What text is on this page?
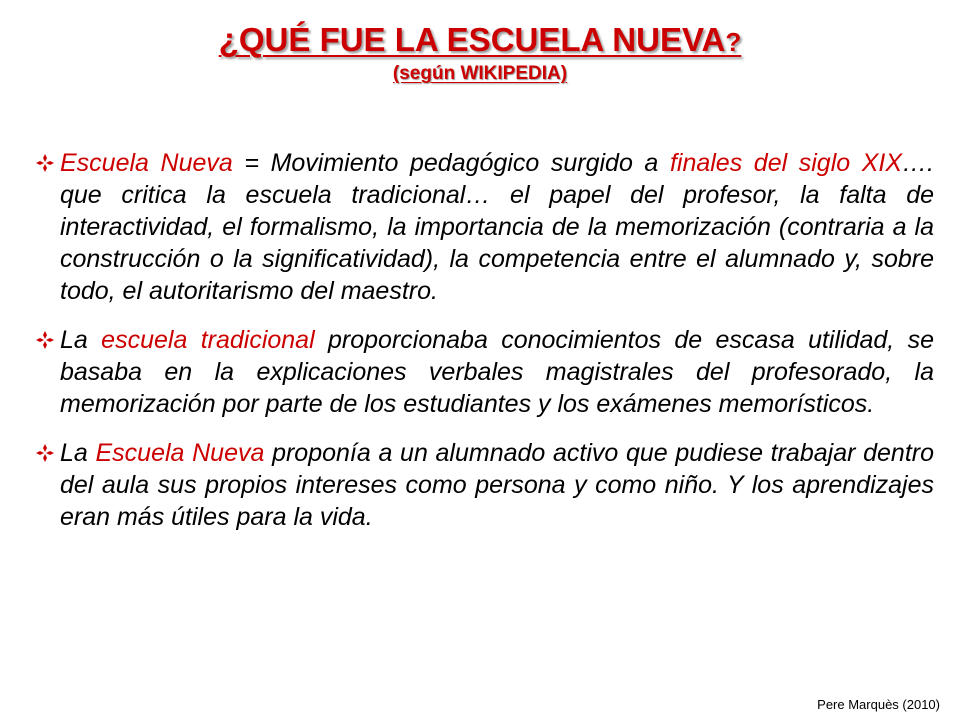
¿QUÉ FUE LA ESCUELA NUEVA?
(según WIKIPEDIA)
Escuela Nueva = Movimiento pedagógico surgido a finales del siglo XIX…. que critica la escuela tradicional… el papel del profesor, la falta de interactividad, el formalismo, la importancia de la memorización (contraria a la construcción o la significatividad), la competencia entre el alumnado y, sobre todo, el autoritarismo del maestro.
La escuela tradicional proporcionaba conocimientos de escasa utilidad, se basaba en la explicaciones verbales magistrales del profesorado, la memorización por parte de los estudiantes y los exámenes memorísticos.
La Escuela Nueva proponía a un alumnado activo que pudiese trabajar dentro del aula sus propios intereses como persona y como niño. Y los aprendizajes eran más útiles para la vida.
Pere Marquès (2010)
